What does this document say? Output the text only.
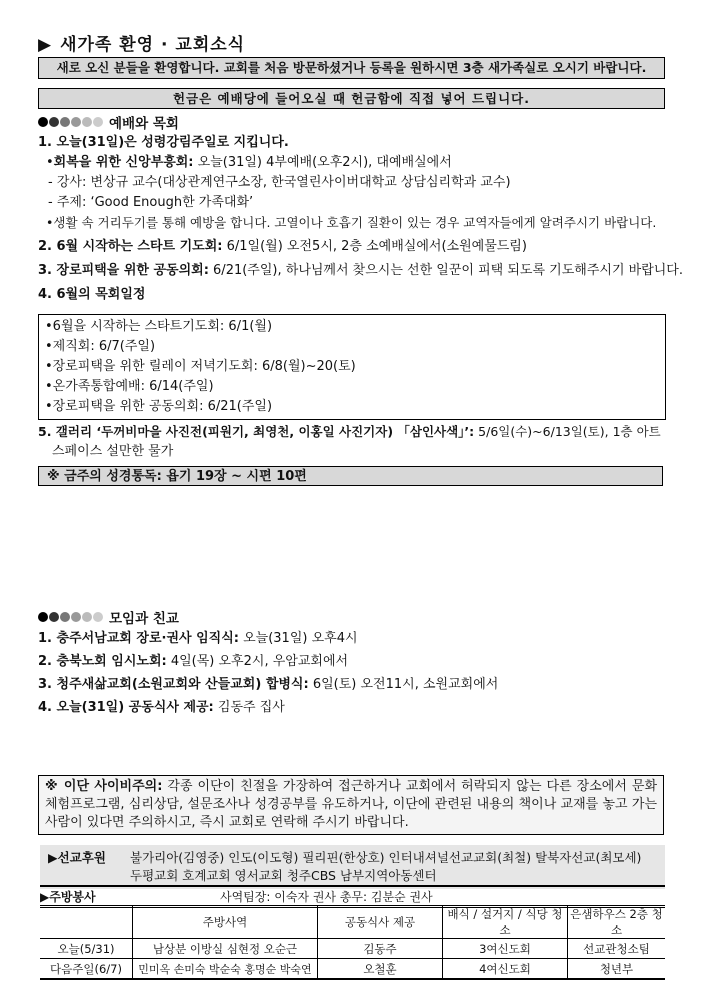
▶ 새가족 환영 · 교회소식
새로 오신 분들을 환영합니다. 교회를 처음 방문하셨거나 등록을 원하시면 3층 새가족실로 오시기 바랍니다.
헌금은 예배당에 들어오실 때 헌금함에 직접 넣어 드립니다.
예배와 목회
1. 오늘(31일)은 성령강림주일로 지킵니다.
•회복을 위한 신앙부흥회: 오늘(31일) 4부예배(오후2시), 대예배실에서
- 강사: 변상규 교수(대상관계연구소장, 한국열린사이버대학교 상담심리학과 교수)
- 주제: ‘Good Enough한 가족대화’
•생활 속 거리두기를 통해 예방을 합니다. 고열이나 호흡기 질환이 있는 경우 교역자들에게 알려주시기 바랍니다.
2. 6월 시작하는 스타트 기도회: 6/1일(월) 오전5시, 2층 소예배실에서(소원예물드림)
3. 장로피택을 위한 공동의회: 6/21(주일), 하나님께서 찾으시는 선한 일꾼이 피택 되도록 기도해주시기 바랍니다.
4. 6월의 목회일정
•6월을 시작하는 스타트기도회: 6/1(월)
•제직회: 6/7(주일)
•장로피택을 위한 릴레이 저녁기도회: 6/8(월)~20(토)
•온가족통합예배: 6/14(주일)
•장로피택을 위한 공동의회: 6/21(주일)
5. 갤러리 ‘두꺼비마을 사진전(피원기, 최영천, 이홍일 사진기자) 「삼인사색」’: 5/6일(수)~6/13일(토), 1층 아트
스페이스 설만한 물가
※ 금주의 성경통독: 욥기 19장 ~ 시편 10편
모임과 친교
1. 충주서남교회 장로·권사 임직식: 오늘(31일) 오후4시
2. 충북노회 임시노회: 4일(목) 오후2시, 우암교회에서
3. 청주새삶교회(소원교회와 산들교회) 합병식: 6일(토) 오전11시, 소원교회에서
4. 오늘(31일) 공동식사 제공: 김동주 집사
※ 이단 사이비주의: 각종 이단이 친절을 가장하여 접근하거나 교회에서 허락되지 않는 다른 장소에서 문화체험프로그램, 심리상담, 설문조사나 성경공부를 유도하거나, 이단에 관련된 내용의 책이나 교재를 놓고 가는 사람이 있다면 주의하시고, 즉시 교회로 연락해 주시기 바랍니다.
▶선교후원	불가리아(김영중) 인도(이도형) 필리핀(한상호) 인터내셔널선교교회(최철) 탈북자선교(최모세)
두평교회 호계교회 영서교회 청주CBS 남부지역아동센터
▶주방봉사	사역팀장: 이숙자 권사 총무: 김분순 권사
	주방사역	공동식사 제공	배식 / 설거지 / 식당 청소	은샘하우스 2층 청소
오늘(5/31)	남상분 이방실 심현정 오순근	김동주	3여신도회	선교관청소팀
다음주일(6/7)	민미옥 손미숙 박순숙 홍명순 박숙연	오철훈	4여신도회	청년부
